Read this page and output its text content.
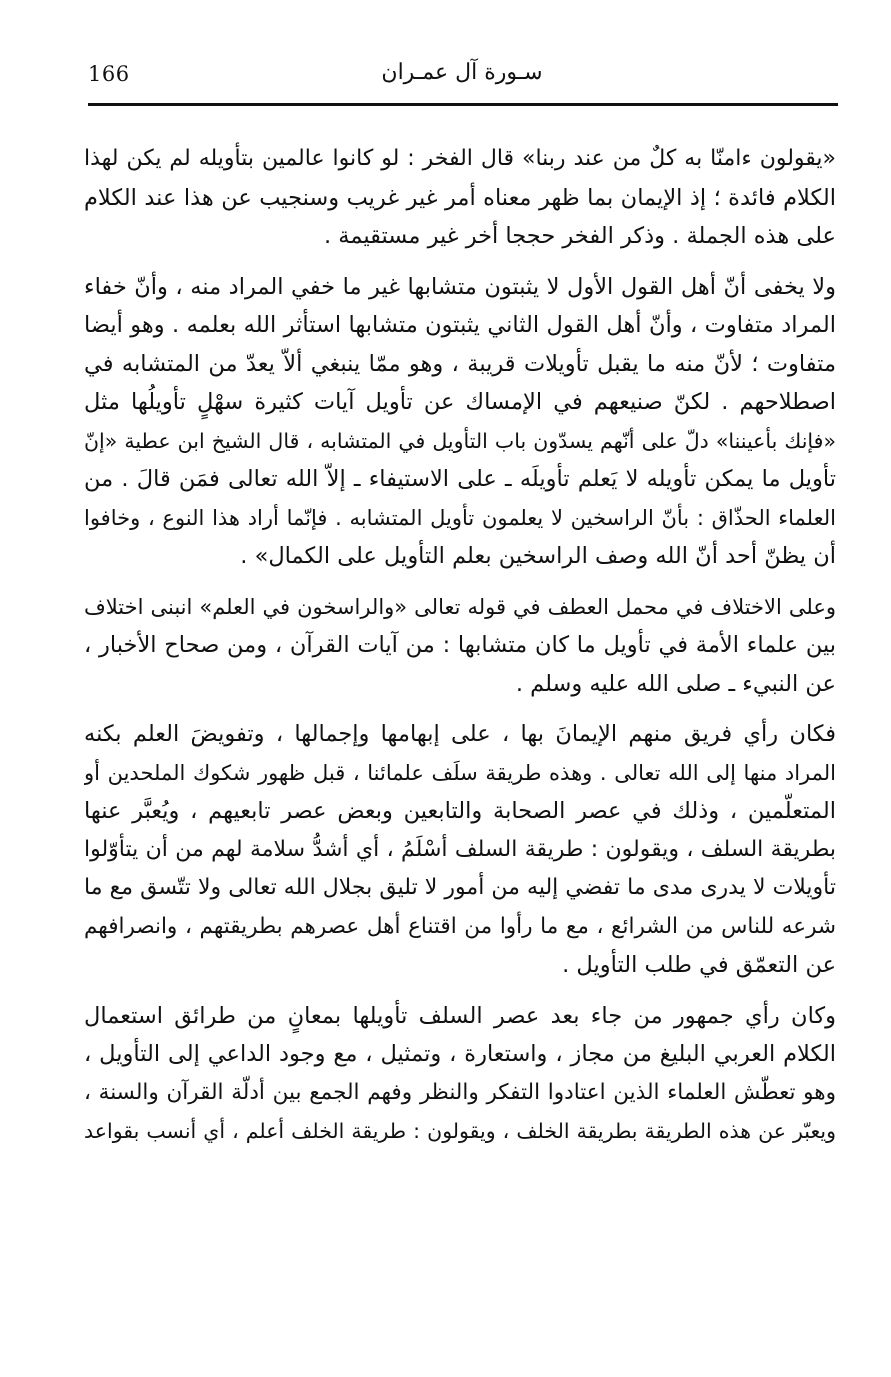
166	سـورة آل عمـران
«يقولون ءامنّا به كلٌ من عند ربنا» قال الفخر : لو كانوا عالمين بتأويله لم يكن لهذا
الكلام فائدة ؛ إذ الإيمان بما ظهر معناه أمر غير غريب وسنجيب عن هذا عند الكلام
على هذه الجملة . وذكر الفخر حججا أخر غير مستقيمة .
ولا يخفى أنّ أهل القول الأول لا يثبتون متشابها غير ما خفي المراد منه ، وأنّ خفاء
المراد متفاوت ، وأنّ أهل القول الثاني يثبتون متشابها استأثر الله بعلمه . وهو أيضا
متفاوت ؛ لأنّ منه ما يقبل تأويلات قريبة ، وهو ممّا ينبغي ألاّ يعدّ من المتشابه في
اصطلاحهم . لكنّ صنيعهم في الإمساك عن تأويل آيات كثيرة سهْلٍ تأويلُها مثل
«فإنك بأعيننا» دلّ على أنّهم يسدّون باب التأويل في المتشابه ، قال الشيخ ابن عطية «إنّ
تأويل ما يمكن تأويله لا يَعلم تأويلَه ـ على الاستيفاء ـ إلاّ الله تعالى فمَن قالَ . من
العلماء الحذّاق : بأنّ الراسخين لا يعلمون تأويل المتشابه . فإنّما أراد هذا النوع ، وخافوا
أن يظنّ أحد أنّ الله وصف الراسخين بعلم التأويل على الكمال» .
وعلى الاختلاف في محمل العطف في قوله تعالى «والراسخون في العلم» انبنى اختلاف
بين علماء الأمة في تأويل ما كان متشابها : من آيات القرآن ، ومن صحاح الأخبار ،
عن النبيء ـ صلى الله عليه وسلم .
فكان رأي فريق منهم الإيمانَ بها ، على إبهامها وإجمالها ، وتفويضَ العلم بكنه
المراد منها إلى الله تعالى . وهذه طريقة سلَف علمائنا ، قبل ظهور شكوك الملحدين أو
المتعلّمين ، وذلك في عصر الصحابة والتابعين وبعض عصر تابعيهم ، ويُعبَّر عنها
بطريقة السلف ، ويقولون : طريقة السلف أسْلَمُ ، أي أشدُّ سلامة لهم من أن يتأوّلوا
تأويلات لا يدرى مدى ما تفضي إليه من أمور لا تليق بجلال الله تعالى ولا تتّسق مع ما
شرعه للناس من الشرائع ، مع ما رأوا من اقتناع أهل عصرهم بطريقتهم ، وانصرافهم
عن التعمّق في طلب التأويل .
وكان رأي جمهور من جاء بعد عصر السلف تأويلها بمعانٍ من طرائق استعمال
الكلام العربي البليغ من مجاز ، واستعارة ، وتمثيل ، مع وجود الداعي إلى التأويل ،
وهو تعطّش العلماء الذين اعتادوا التفكر والنظر وفهم الجمع بين أدلّة القرآن والسنة ،
ويعبّر عن هذه الطريقة بطريقة الخلف ، ويقولون : طريقة الخلف أعلم ، أي أنسب بقواعد
